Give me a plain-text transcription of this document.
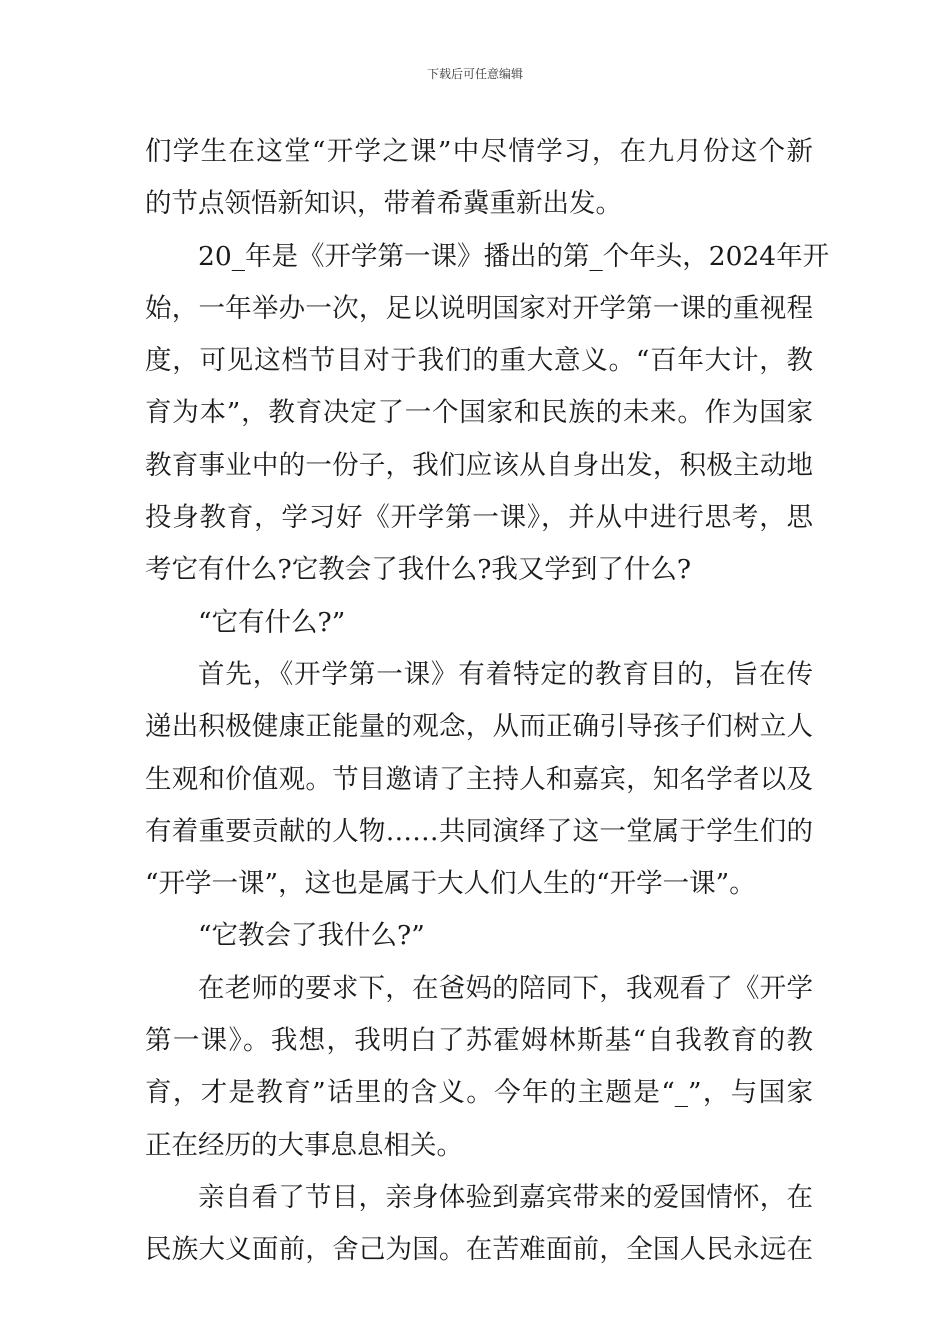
下载后可任意编辑
们学生在这堂“开学之课”中尽情学习，在九月份这个新
的节点领悟新知识，带着希冀重新出发。
20_年是《开学第一课》播出的第_个年头，2024年开
始，一年举办一次，足以说明国家对开学第一课的重视程
度，可见这档节目对于我们的重大意义。“百年大计，教
育为本”，教育决定了一个国家和民族的未来。作为国家
教育事业中的一份子，我们应该从自身出发，积极主动地
投身教育，学习好《开学第一课》，并从中进行思考，思
考它有什么?它教会了我什么?我又学到了什么?
“它有什么?”
首先，《开学第一课》有着特定的教育目的，旨在传
递出积极健康正能量的观念，从而正确引导孩子们树立人
生观和价值观。节目邀请了主持人和嘉宾，知名学者以及
有着重要贡献的人物……共同演绎了这一堂属于学生们的
“开学一课”，这也是属于大人们人生的“开学一课”。
“它教会了我什么?”
在老师的要求下，在爸妈的陪同下，我观看了《开学
第一课》。我想，我明白了苏霍姆林斯基“自我教育的教
育，才是教育”话里的含义。今年的主题是“_”，与国家
正在经历的大事息息相关。
亲自看了节目，亲身体验到嘉宾带来的爱国情怀，在
民族大义面前，舍己为国。在苦难面前，全国人民永远在
